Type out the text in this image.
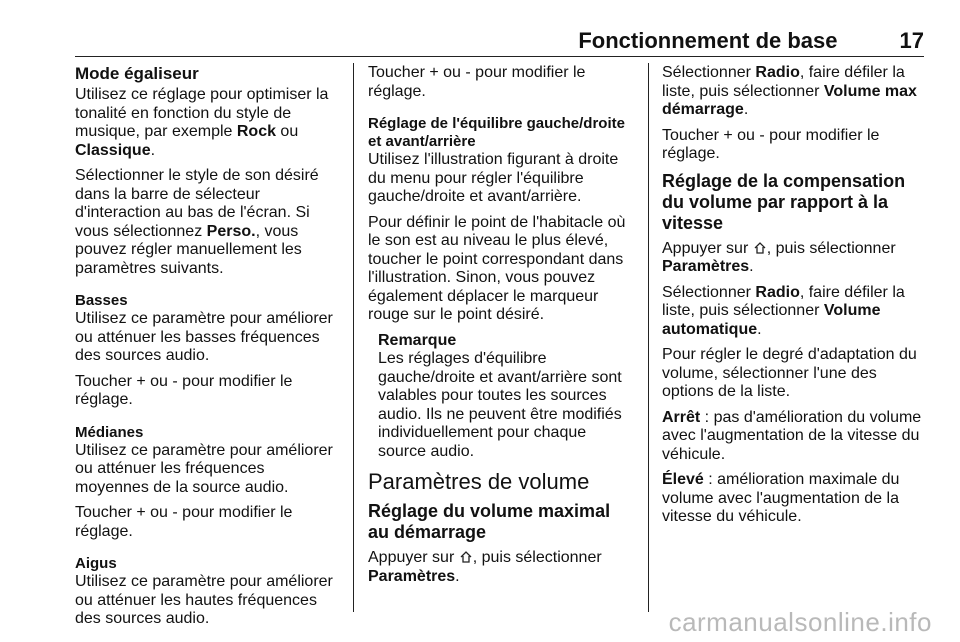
Fonctionnement de base	17
Mode égaliseur

Utilisez ce réglage pour optimiser la tonalité en fonction du style de musique, par exemple Rock ou Classique.

Sélectionner le style de son désiré dans la barre de sélecteur d'interaction au bas de l'écran. Si vous sélectionnez Perso., vous pouvez régler manuellement les paramètres suivants.

Basses

Utilisez ce paramètre pour améliorer ou atténuer les basses fréquences des sources audio.

Toucher + ou - pour modifier le réglage.

Médianes

Utilisez ce paramètre pour améliorer ou atténuer les fréquences moyennes de la source audio.

Toucher + ou - pour modifier le réglage.

Aigus

Utilisez ce paramètre pour améliorer ou atténuer les hautes fréquences des sources audio.

Toucher + ou - pour modifier le réglage.

Réglage de l'équilibre gauche/droite et avant/arrière

Utilisez l'illustration figurant à droite du menu pour régler l'équilibre gauche/droite et avant/arrière.

Pour définir le point de l'habitacle où le son est au niveau le plus élevé, toucher le point correspondant dans l'illustration. Sinon, vous pouvez également déplacer le marqueur rouge sur le point désiré.

Remarque
Les réglages d'équilibre gauche/droite et avant/arrière sont valables pour toutes les sources audio. Ils ne peuvent être modifiés individuellement pour chaque source audio.
Paramètres de volume
Réglage du volume maximal au démarrage

Appuyer sur , puis sélectionner Paramètres.

Sélectionner Radio, faire défiler la liste, puis sélectionner Volume max démarrage.

Toucher + ou - pour modifier le réglage.

Réglage de la compensation du volume par rapport à la vitesse

Appuyer sur , puis sélectionner Paramètres.

Sélectionner Radio, faire défiler la liste, puis sélectionner Volume automatique.

Pour régler le degré d'adaptation du volume, sélectionner l'une des options de la liste.

Arrêt : pas d'amélioration du volume avec l'augmentation de la vitesse du véhicule.

Élevé : amélioration maximale du volume avec l'augmentation de la vitesse du véhicule.

carmanualsonline.info
